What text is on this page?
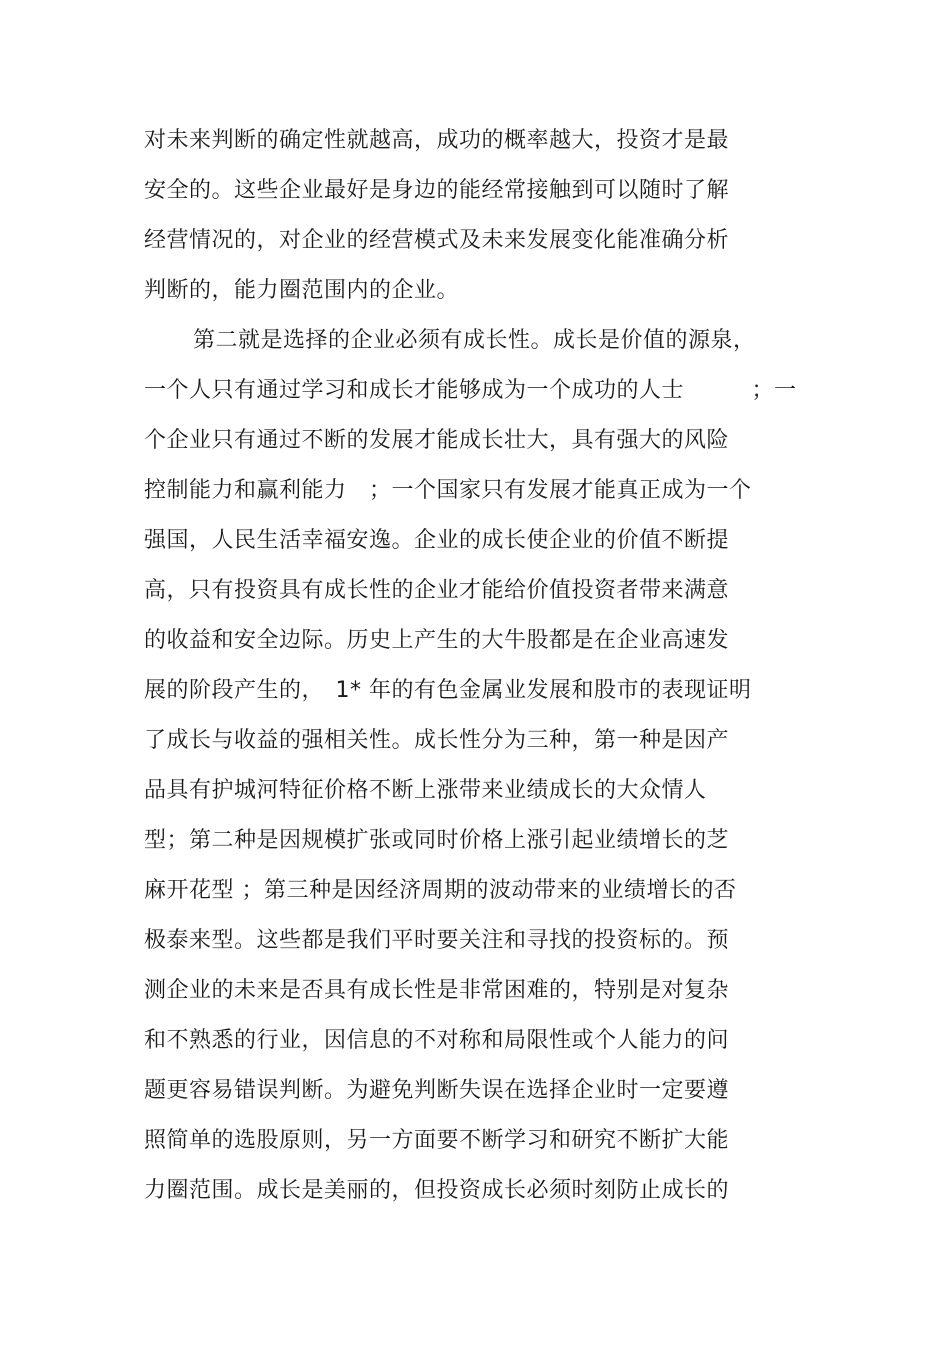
对未来判断的确定性就越高，成功的概率越大，投资才是最
安全的。这些企业最好是身边的能经常接触到可以随时了解
经营情况的，对企业的经营模式及未来发展变化能准确分析
判断的，能力圈范围内的企业。
第二就是选择的企业必须有成长性。成长是价值的源泉，
一个人只有通过学习和成长才能够成为一个成功的人士　　　；一
个企业只有通过不断的发展才能成长壮大，具有强大的风险
控制能力和赢利能力　；一个国家只有发展才能真正成为一个
强国，人民生活幸福安逸。企业的成长使企业的价值不断提
高，只有投资具有成长性的企业才能给价值投资者带来满意
的收益和安全边际。历史上产生的大牛股都是在企业高速发
展的阶段产生的，　1* 年的有色金属业发展和股市的表现证明
了成长与收益的强相关性。成长性分为三种，第一种是因产
品具有护城河特征价格不断上涨带来业绩成长的大众情人
型；第二种是因规模扩张或同时价格上涨引起业绩增长的芝
麻开花型 ；第三种是因经济周期的波动带来的业绩增长的否
极泰来型。这些都是我们平时要关注和寻找的投资标的。预
测企业的未来是否具有成长性是非常困难的，特别是对复杂
和不熟悉的行业，因信息的不对称和局限性或个人能力的问
题更容易错误判断。为避免判断失误在选择企业时一定要遵
照简单的选股原则，另一方面要不断学习和研究不断扩大能
力圈范围。成长是美丽的，但投资成长必须时刻防止成长的
